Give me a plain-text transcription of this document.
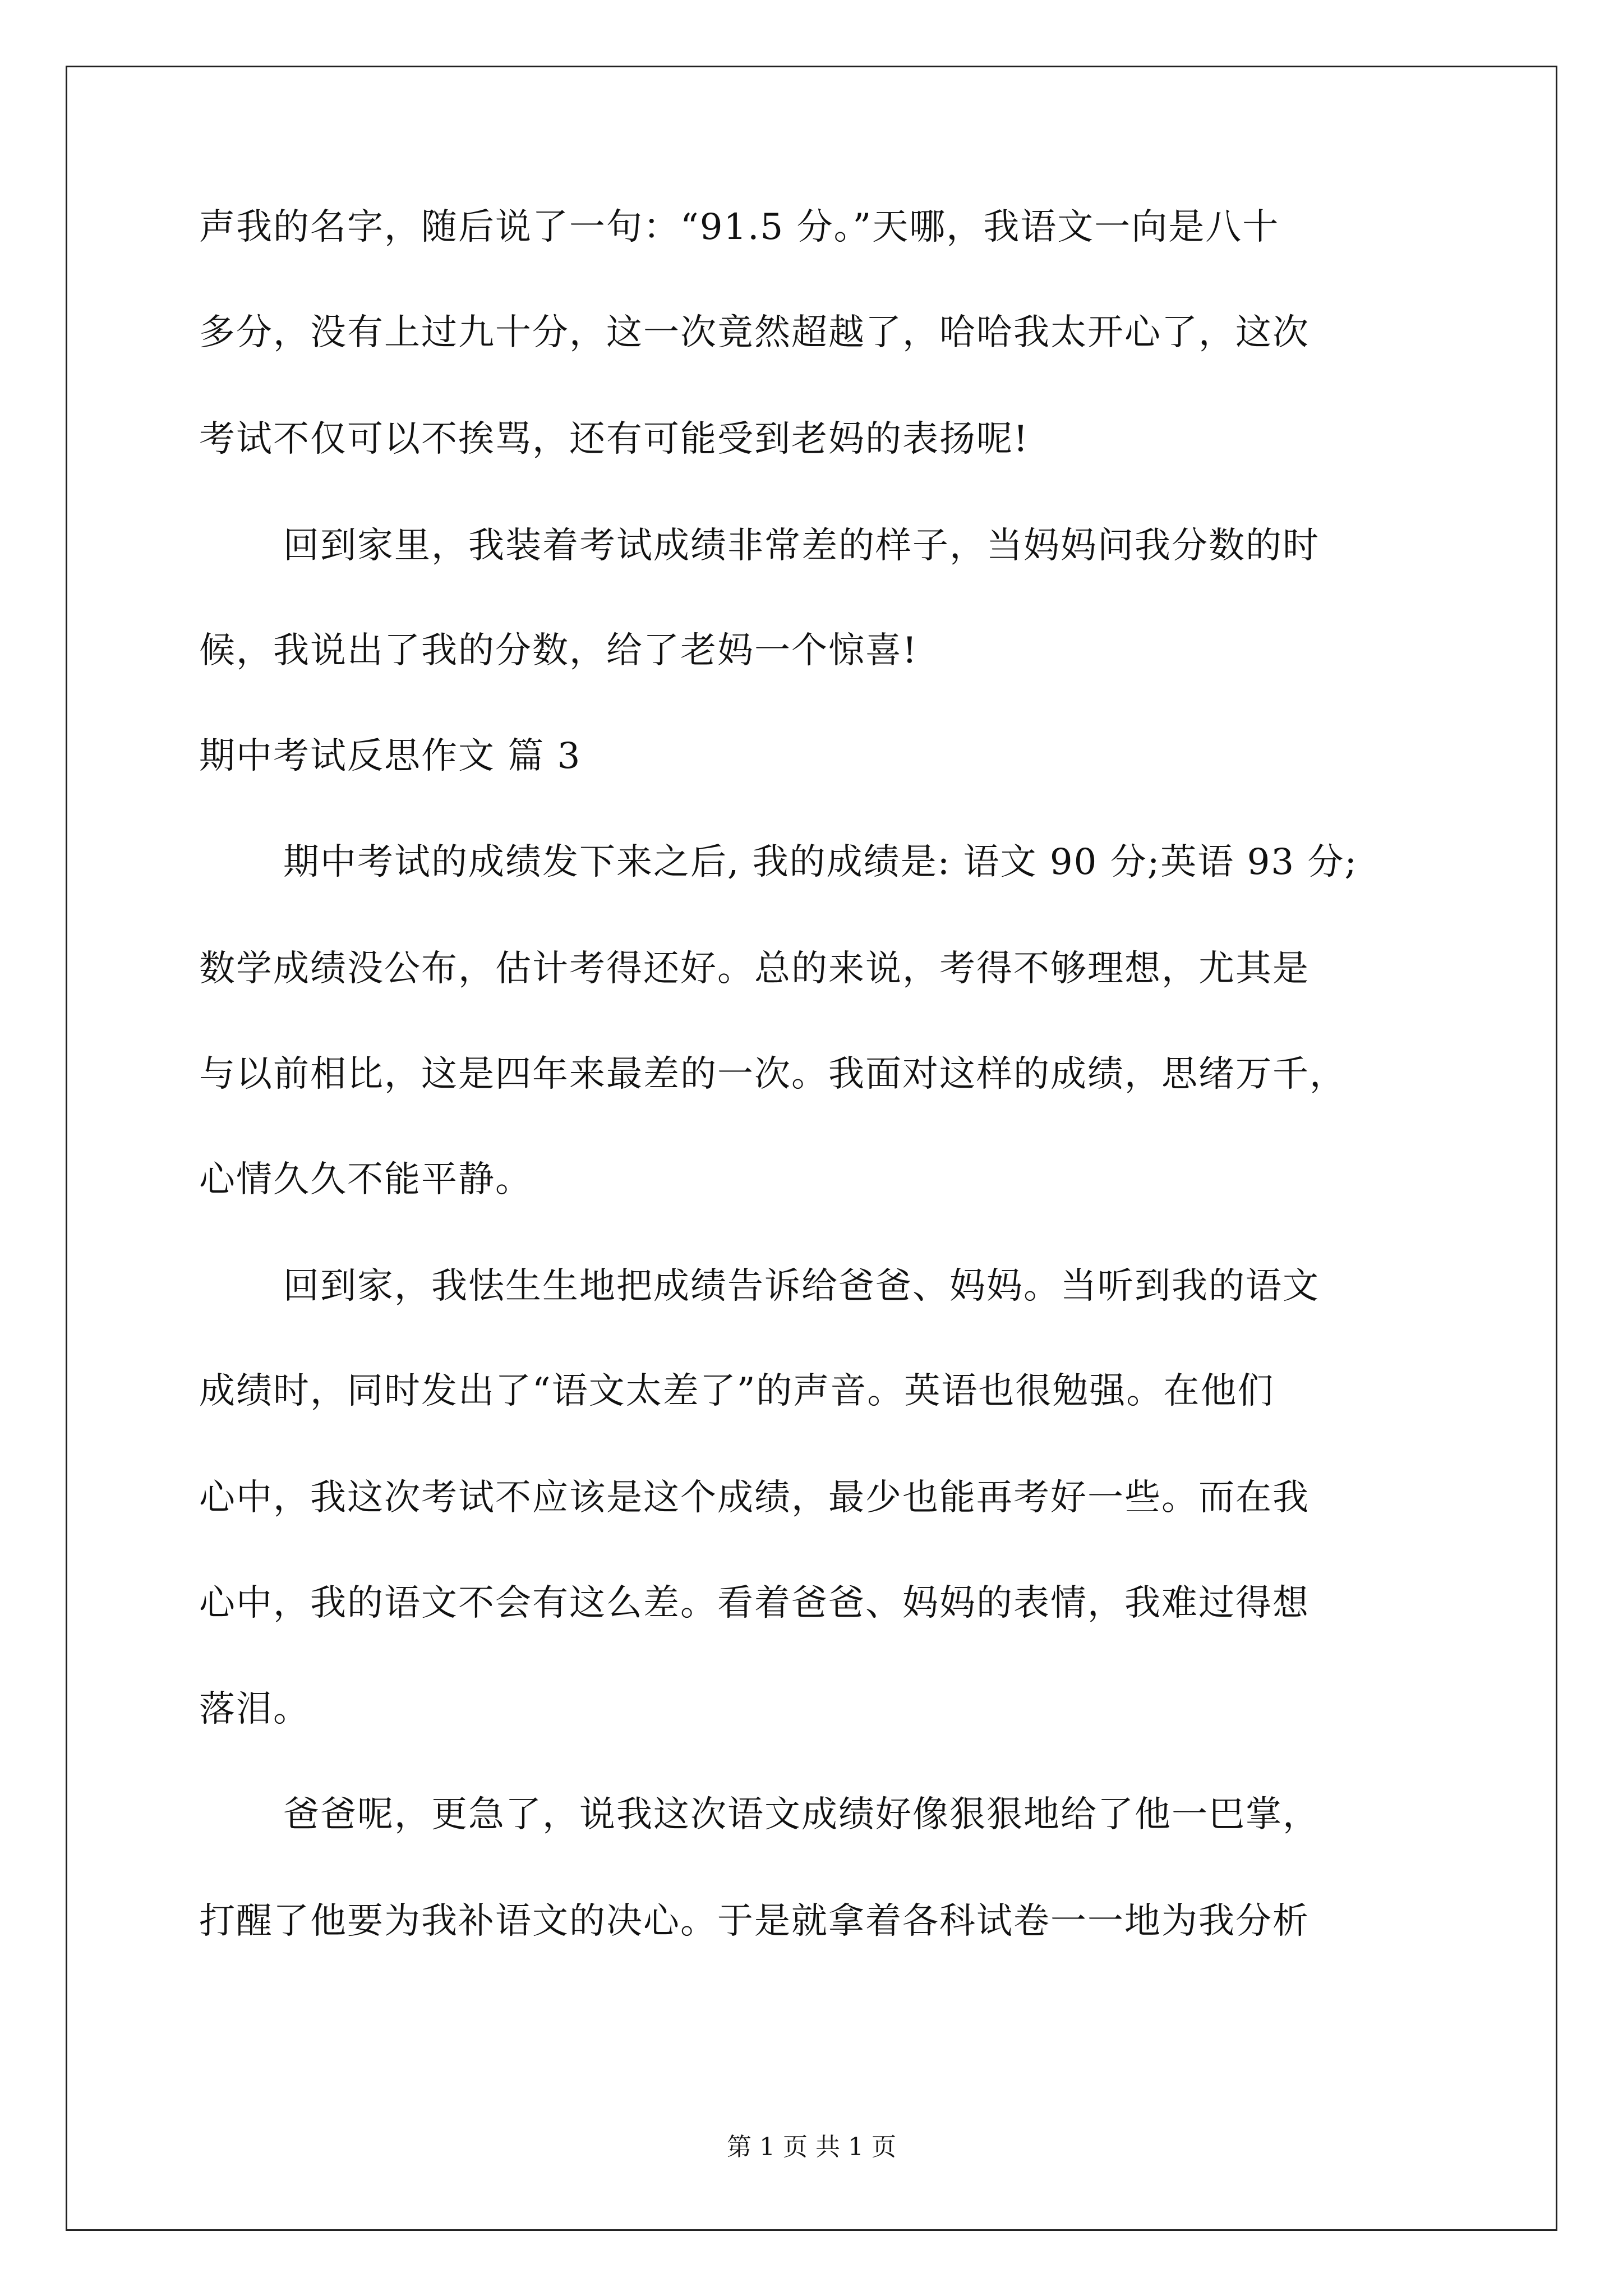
声我的名字，随后说了一句：“91.5 分。”天哪，我语文一向是八十
多分，没有上过九十分，这一次竟然超越了，哈哈我太开心了，这次
考试不仅可以不挨骂，还有可能受到老妈的表扬呢!
回到家里，我装着考试成绩非常差的样子，当妈妈问我分数的时
候，我说出了我的分数，给了老妈一个惊喜!
期中考试反思作文 篇 3
期中考试的成绩发下来之后, 我的成绩是: 语文 90 分;英语 93 分;
数学成绩没公布，估计考得还好。总的来说，考得不够理想，尤其是
与以前相比，这是四年来最差的一次。我面对这样的成绩，思绪万千，
心情久久不能平静。
回到家，我怯生生地把成绩告诉给爸爸、妈妈。当听到我的语文
成绩时，同时发出了“语文太差了”的声音。英语也很勉强。在他们
心中，我这次考试不应该是这个成绩，最少也能再考好一些。而在我
心中，我的语文不会有这么差。看着爸爸、妈妈的表情，我难过得想
落泪。
爸爸呢，更急了，说我这次语文成绩好像狠狠地给了他一巴掌，
打醒了他要为我补语文的决心。于是就拿着各科试卷一一地为我分析
第 1 页 共 1 页
